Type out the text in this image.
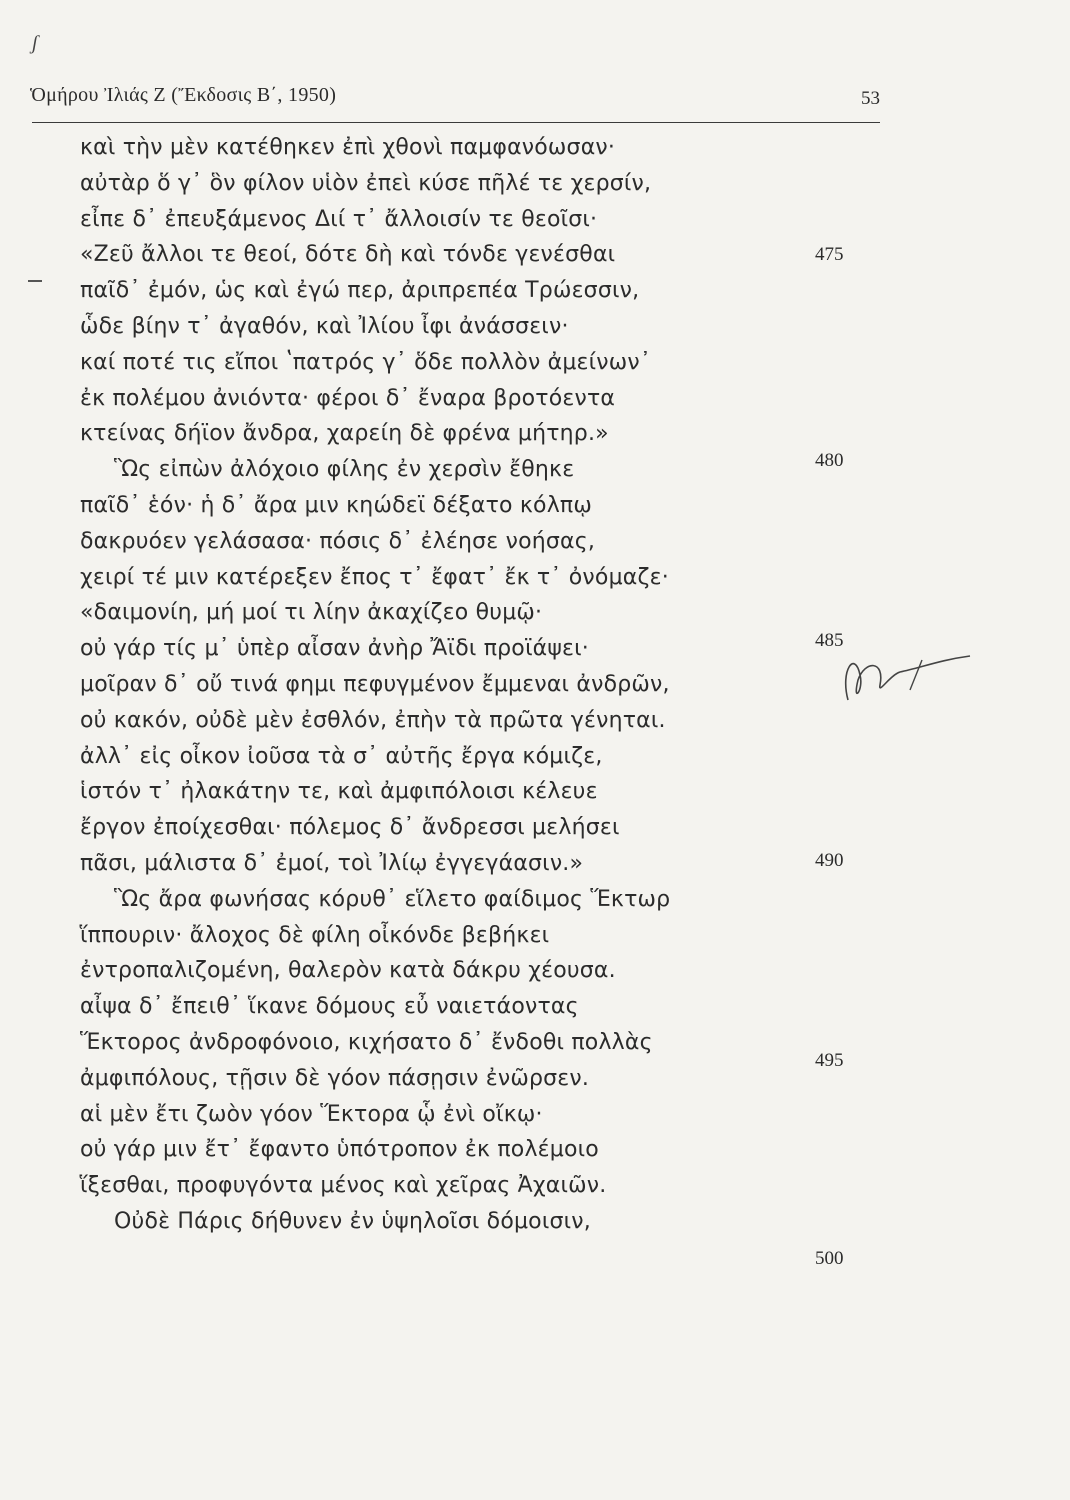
ʃ
Ὁμήρου Ἰλιάς Ζ (Ἔκδοσις Β΄, 1950)	53
καὶ τὴν μὲν κατέθηκεν ἐπὶ χθονὶ παμφανόωσαν·
αὐτὰρ ὅ γ᾽ ὃν φίλον υἱὸν ἐπεὶ κύσε πῆλέ τε χερσίν,
εἶπε δ᾽ ἐπευξάμενος Διί τ᾽ ἄλλοισίν τε θεοῖσι·
«Ζεῦ ἄλλοι τε θεοί, δότε δὴ καὶ τόνδε γενέσθαι
παῖδ᾽ ἐμόν, ὡς καὶ ἐγώ περ, ἀριπρεπέα Τρώεσσιν,
ὧδε βίην τ᾽ ἀγαθόν, καὶ Ἰλίου ἶφι ἀνάσσειν·
καί ποτέ τις εἴποι ʽπατρός γ᾽ ὅδε πολλὸν ἀμείνων᾽
ἐκ πολέμου ἀνιόντα· φέροι δ᾽ ἔναρα βροτόεντα
κτείνας δήϊον ἄνδρα, χαρείη δὲ φρένα μήτηρ.»
Ὣς εἰπὼν ἀλόχοιο φίλης ἐν χερσὶν ἔθηκε
παῖδ᾽ ἑόν· ἡ δ᾽ ἄρα μιν κηώδεϊ δέξατο κόλπῳ
δακρυόεν γελάσασα· πόσις δ᾽ ἐλέησε νοήσας,
χειρί τέ μιν κατέρεξεν ἔπος τ᾽ ἔφατ᾽ ἔκ τ᾽ ὀνόμαζε·
«δαιμονίη, μή μοί τι λίην ἀκαχίζεο θυμῷ·
οὐ γάρ τίς μ᾽ ὑπὲρ αἶσαν ἀνὴρ Ἄϊδι προϊάψει·
μοῖραν δ᾽ οὔ τινά φημι πεφυγμένον ἔμμεναι ἀνδρῶν,
οὐ κακόν, οὐδὲ μὲν ἐσθλόν, ἐπὴν τὰ πρῶτα γένηται.
ἀλλ᾽ εἰς οἶκον ἰοῦσα τὰ σ᾽ αὐτῆς ἔργα κόμιζε,
ἱστόν τ᾽ ἠλακάτην τε, καὶ ἀμφιπόλοισι κέλευε
ἔργον ἐποίχεσθαι· πόλεμος δ᾽ ἄνδρεσσι μελήσει
πᾶσι, μάλιστα δ᾽ ἐμοί, τοὶ Ἰλίῳ ἐγγεγάασιν.»
Ὣς ἄρα φωνήσας κόρυθ᾽ εἵλετο φαίδιμος Ἕκτωρ
ἵππουριν· ἄλοχος δὲ φίλη οἶκόνδε βεβήκει
ἐντροπαλιζομένη, θαλερὸν κατὰ δάκρυ χέουσα.
αἶψα δ᾽ ἔπειθ᾽ ἵκανε δόμους εὖ ναιετάοντας
Ἕκτορος ἀνδροφόνοιο, κιχήσατο δ᾽ ἔνδοθι πολλὰς
ἀμφιπόλους, τῇσιν δὲ γόον πάσῃσιν ἐνῶρσεν.
αἱ μὲν ἔτι ζωὸν γόον Ἕκτορα ᾧ ἐνὶ οἴκῳ·
οὐ γάρ μιν ἔτ᾽ ἔφαντο ὑπότροπον ἐκ πολέμοιο
ἵξεσθαι, προφυγόντα μένος καὶ χεῖρας Ἀχαιῶν.
Οὐδὲ Πάρις δήθυνεν ἐν ὑψηλοῖσι δόμοισιν,
475
480
485
490
495
500
